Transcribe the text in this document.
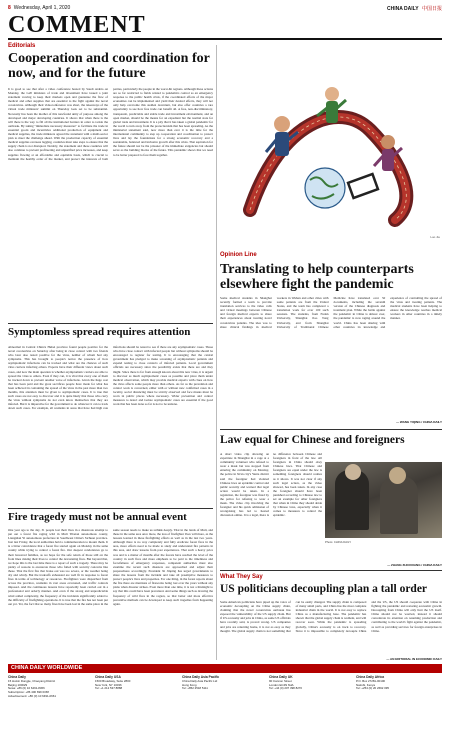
8 Wednesday, April 1, 2020	CHINA DAILY 中国日报
COMMENT
Editorials
Cooperation and coordination for now, and for the future
It is good to see that after a video conference hosted by Saudi Arabia on Monday, the G20 ministers of trade and investment have issued a joint statement vowing to keep their markets open and guarantee the flow of medical and other supplies that are essential to the fight against the novel coronavirus. Although their videoconference was short, the takeaways of the virtual trade ministers' summit on Thursday look set to be substantial. Necessity has been the mother of this newfound unity of purpose among the developed and major developing countries. It shows that when there is the will there is the way to fill all the institutional barriers in order to tackle the outbreak. By taking "immediate necessary measures" to facilitate the trade in essential goods and incentivize additional production of equipment and medical supplies, the trade ministers agreed the statement with a multi-sector plan to meet the challenge ahead. With the production capacity of essential medical supplies overseas lagging, countries must take steps to ensure that the supply chain is not disrupted. Notably, the statement and these countries will also continue to prevent profiteering and unjustified price increases, and keep supplies flowing at an affordable and equitable basis, which is crucial to maintain the healthy order of the market, and protect the interests of both parties, particularly the people in the worst-hit regions. Although these actions are so far restricted to fields related to pandemics control as an emergency response to the public health crisis, if the coordinated efforts of the major economies can be implemented and yield their desired effects, they will not only help overcome this sudden downturn, but also offer countries a rare opportunity to see how free trade can benefit all. A free, non-discriminatory, transparent, predictable and stable trade and investment environment, and an open market, should be the means for an expedient but the normal state for global trade and investment. It is a pity that it has taken a global pandemic for the world to turn away from the protectionism that has been spreading. As the ministerial statement said, now more than ever it is the time for the international community to step up cooperation and coordination to protect lives and lay the foundations for a strong economic recovery and a sustainable, balanced and inclusive growth after this crisis. That aspiration for the future should not be the prisoner of the immediate exigencies but should serve as the building blocks of the future. This pandemic shows that we need to be better prepared to face them together.
Symptomless spread requires attention
Abnormal in Central China's Hubei province found people positive for the novel coronavirus on Saturday after being in close contact with two friends who later also tested positive for the virus, neither of whom had any symptoms. This has brought to people's notice the presence of how asymptomatic infections can be tracked and what are the chances of such virus carriers infecting others. Experts have their different views about such cases, and now the main question is whether asymptomatic carriers are able to spread the virus to others. Even if they can, it is vital that every one of them be tracked down to prevent another wave of infections. Given the huge cost that has been paid and the great sacrifices people have made for what has been achieved in containing the spread of the virus in the past more than two months, this attention must be given to asymptomatic cases. It is true that such cases are not easy to discover and it is quite likely that those who carry the virus without symptoms do not even know themselves that they are infected. But it is imperative for the government to do whatever it can to track down such cases. For example, all residents in areas that have had high rate infections should be tested to see if there are any asymptomatic cases. Those who have close contact with infected people but without symptoms should be encouraged to register for testing. It is encouraging that the central government has pledged to make screening of asymptomatic patients and expand testing to close contacts of infected patients. Local government officials are necessary since the possibility exists that there are and they might. Since there is far from enough known about this new virus, it is urgent to discover as much asymptomatic cases as possible and place them under medical observation, which may provide medical experts with clues on how the virus affects some people more than others. As far as the prevention and control work is concerned, either with or without new confirmed cases in a locality, social distancing must be strictly observed and face masks must be worn in public places where necessary. Wider prevention and control measures to detect and isolate asymptomatic cases are essential if the good work that has been done so far is not to be undone.
Fire tragedy must not be annual event
One year ago to the day, 31 people lost their lives in a disastrous attempt to put out a forest fire raging wild in Muli Tibetan autonomous county, Liangshan Yi autonomous prefecture in Southwest China's Sichuan province. Just last Friday, the local authorities held a commemoration to mourn them. It is a bitter coincidence that a forest fire started again on Monday in the same county while trying to control a forest fire. Our deepest condolences go to their bereaved families, as we hope for the safe return of those still on the front lines risking their lives to control the devastating fires. But beyond that, we hope this is the last time there is a report of such a tragedy. There may be plenty of reasons to exonerate those who failed with security concerns like these. That the first fire that broke out was too severe, or the weather being dry and windy. But the tradeoffs exhausted are well fit in response to forest fires in terms of technology or resources. Firefighters were dispatched from across the province, residents in vast areas evacuated, and traffic controls imposed. And the continuous lessons have reportedly been carried out in a professional and orderly manner. And even if the strong and unpredictable wind added complexity, the frequency of the incidents significantly added to the difficulty of firefighting operations. It is true that the fire has not been put out yet. Yet, the fact that so many fires have been lost in the same place in the same season needs to make us rethink deeply. That in the lands of Muli, and these in the same area once more, the loss of firefighter lives will more, as the lessons learned in these firefighting efforts as well as in the last two years. Although there is no way completely and fully eradicate forest fires in the area, more efforts need to be made to study and understand fire patterns in this area, and draw lessons from past experiences. That such a heavy price was and is a matter of months after the forests have reached the level of the country in such fires and more emphasis to be paid to the timeliness and forcefulness of emergency responses, competent authorities must also examine the recent such disasters are approached and adjust their preparedness accordingly. President Xi Jinping has urged governments to share the lessons from the incident and take all preemptive measures to protect people's lives and properties. For one thing, in the forest reports about the fire there are mentions of fireworks being lost over the years without any plans when disaster strikes. Even more than one time, it is not a hindsight to say that this could have been prevented. And some things such as drawing the frequency of wild fires in the region, so that better and more effective preventive methods can be developed to keep such tragedies from happening again.
Luo Jie
Opinion Line
Translating to help counterparts elsewhere fight the pandemic
Some medical students in Shanghai recently formed a team to provide translation services to the video calls and virtual meetings between Chinese and foreign medical experts to share their experiences about treating novel coronavirus patients. The idea was to share clinical findings in medical workers in Wuhan and other cities with some patients are from the United States, and the team has completed a translation work for over 100 such sessions. The students, from Fudan University, Shanghai Jiao Tong University, and from Shanghai University of Traditional Chinese Medicine have translated over 50 documents, including the seventh version of the Chinese diagnosis and treatment plan. While the battle against the pandemic in China is almost over, the pandemic is now raging around the world. China has been sharing with other countries its knowledge and experience of controlling the spread of the virus and treating patients. The medical students have been helping to ensure the knowledge reaches medical workers in other countries in a timely manner.
— WANG YIQING / CHINA DAILY
Law equal for Chinese and foreigners
A short video clip showing an expatriate in Shanghai in a rage at a community volunteer who refused to wear a mask but was stopped from entering the community on Monday, the police in Xi'an city's Yanta district said the foreigner had violated Chinese laws on epidemic control and public security and warned that legal action would be taken. In a regulation, the foreigner was fined by the police for refusing to wear a mask. The video clip involving the foreigner and his quick admission of wrongdoing has led to heated discussion online. It is a legal, there is no difference between Chinese and foreigners in front of the law. All foreigners in China should obey Chinese laws. That Chinese and foreigners are equal under the law is something foreigners should realize as it shows. It was not clear if any such legal action, as the video showed, has been taken. In any case the foreigner should have been punished according to Chinese law to set an example for other foreigners that when in China they should abide by Chinese laws, especially when it comes to measures to control the epidemic.
Photo: CHINA DAILY
— ZHANG ZHOUXIANG / CHINA DAILY
What They Say
US politicians decoupling plan a tall order
Some American politicians have piped up the voice of economic decoupling on the China supply chain, claiming that the novel coronavirus outbreak has exposed the vulnerability of the US supply chain. But if US economy and jobs in China, as some US officials have recently said, is proved wrong. US companies and jobs are returning home, it is not as easy as they thought. The global supply chain is not something that can be easily changed. The supply chain is composed of many small parts, and China has the most complete industrial chain in the world. It is not easy to replace China as a manufacturing base. The pandemic has shown that the global supply chain is resilient, and will recover soon. While the pandemic is spreading globally, China's economy is on track to recovery. Since it is impossible to completely decouple China and the US, the US should cooperate with China in fighting the pandemic and restoring economic growth. Decoupling from China will only hurt the US itself. China should not be worried, instead it should concentrate its attention on resuming production and contributing to the world's fight against the pandemic, as well as providing services for foreign enterprises in China.
— AN EDITORIAL IN ECONOMIC DAILY
CHINA DAILY WORLDWIDE
China Daily
15 Huixin Dongjie, Chaoyang District
Beijing 100029
News: +86 (0) 10 6491-8366
Subscription: +86 400 699 0158
Advertisement: +86 (0) 10 6491-0661
China Daily USA
1500 Broadway, Suite 2800
New York, NY 10036
Tel: +1 212 537 8888
China Daily Asia Pacific
China Daily Asia Pacific Ltd
Hong Kong
Tel: +852 2518 5111
China Daily UK
90 Cannon Street
London EC4N 6HA
Tel: +44 (0) 207 398 8270
China Daily Africa
P.O. Box 27281-00100
Nairobi, Kenya
Tel: +254 (0) 20 2692 095
